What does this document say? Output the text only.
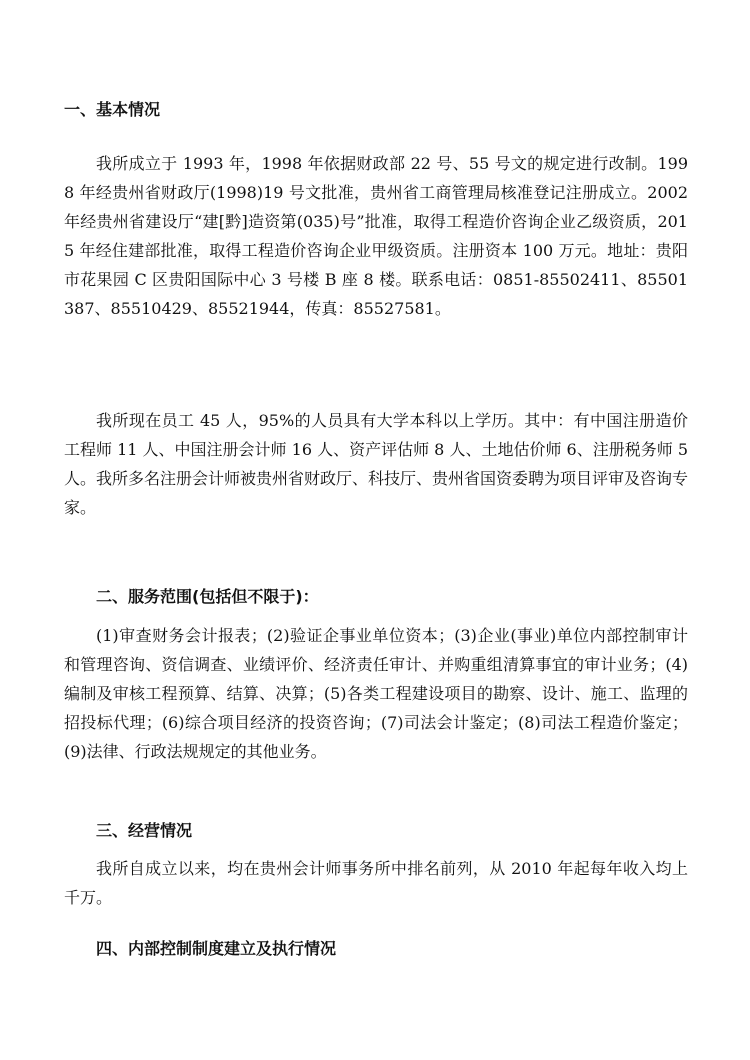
一、基本情况

我所成立于 1993 年，1998 年依据财政部 22 号、55 号文的规定进行改制。1998 年经贵州省财政厅(1998)19 号文批准，贵州省工商管理局核准登记注册成立。2002 年经贵州省建设厅“建[黔]造资第(035)号”批准，取得工程造价咨询企业乙级资质，2015 年经住建部批准，取得工程造价咨询企业甲级资质。注册资本 100 万元。地址：贵阳市花果园 C 区贵阳国际中心 3 号楼 B 座 8 楼。联系电话：0851-85502411、85501387、85510429、85521944，传真：85527581。

我所现在员工 45 人，95%的人员具有大学本科以上学历。其中：有中国注册造价工程师 11 人、中国注册会计师 16 人、资产评估师 8 人、土地估价师 6、注册税务师 5 人。我所多名注册会计师被贵州省财政厅、科技厅、贵州省国资委聘为项目评审及咨询专家。

二、服务范围(包括但不限于)：

(1)审查财务会计报表；(2)验证企事业单位资本；(3)企业(事业)单位内部控制审计和管理咨询、资信调查、业绩评价、经济责任审计、并购重组清算事宜的审计业务；(4)编制及审核工程预算、结算、决算；(5)各类工程建设项目的勘察、设计、施工、监理的招投标代理；(6)综合项目经济的投资咨询；(7)司法会计鉴定；(8)司法工程造价鉴定；(9)法律、行政法规规定的其他业务。

三、经营情况

我所自成立以来，均在贵州会计师事务所中排名前列，从 2010 年起每年收入均上千万。

四、内部控制制度建立及执行情况
